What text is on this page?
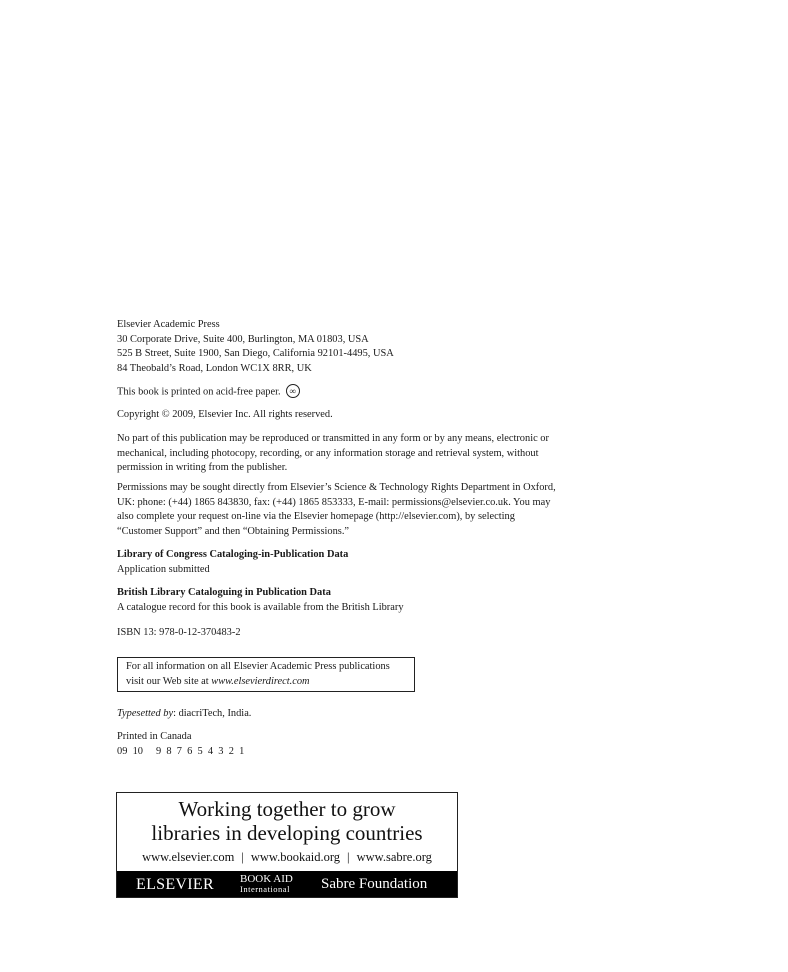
Elsevier Academic Press
30 Corporate Drive, Suite 400, Burlington, MA 01803, USA
525 B Street, Suite 1900, San Diego, California 92101-4495, USA
84 Theobald’s Road, London WC1X 8RR, UK
This book is printed on acid-free paper. ∞
Copyright © 2009, Elsevier Inc. All rights reserved.
No part of this publication may be reproduced or transmitted in any form or by any means, electronic or
mechanical, including photocopy, recording, or any information storage and retrieval system, without
permission in writing from the publisher.
Permissions may be sought directly from Elsevier’s Science & Technology Rights Department in Oxford,
UK: phone: (+44) 1865 843830, fax: (+44) 1865 853333, E-mail: permissions@elsevier.co.uk. You may
also complete your request on-line via the Elsevier homepage (http://elsevier.com), by selecting
“Customer Support” and then “Obtaining Permissions.”
Library of Congress Cataloging-in-Publication Data
Application submitted
British Library Cataloguing in Publication Data
A catalogue record for this book is available from the British Library
ISBN 13: 978-0-12-370483-2
For all information on all Elsevier Academic Press publications
visit our Web site at www.elsevierdirect.com
Typesetted by: diacriTech, India.
Printed in Canada
09  10     9  8  7  6  5  4  3  2  1
Working together to grow
libraries in developing countries
www.elsevier.com | www.bookaid.org | www.sabre.org
ELSEVIER BOOK AID
International Sabre Foundation
